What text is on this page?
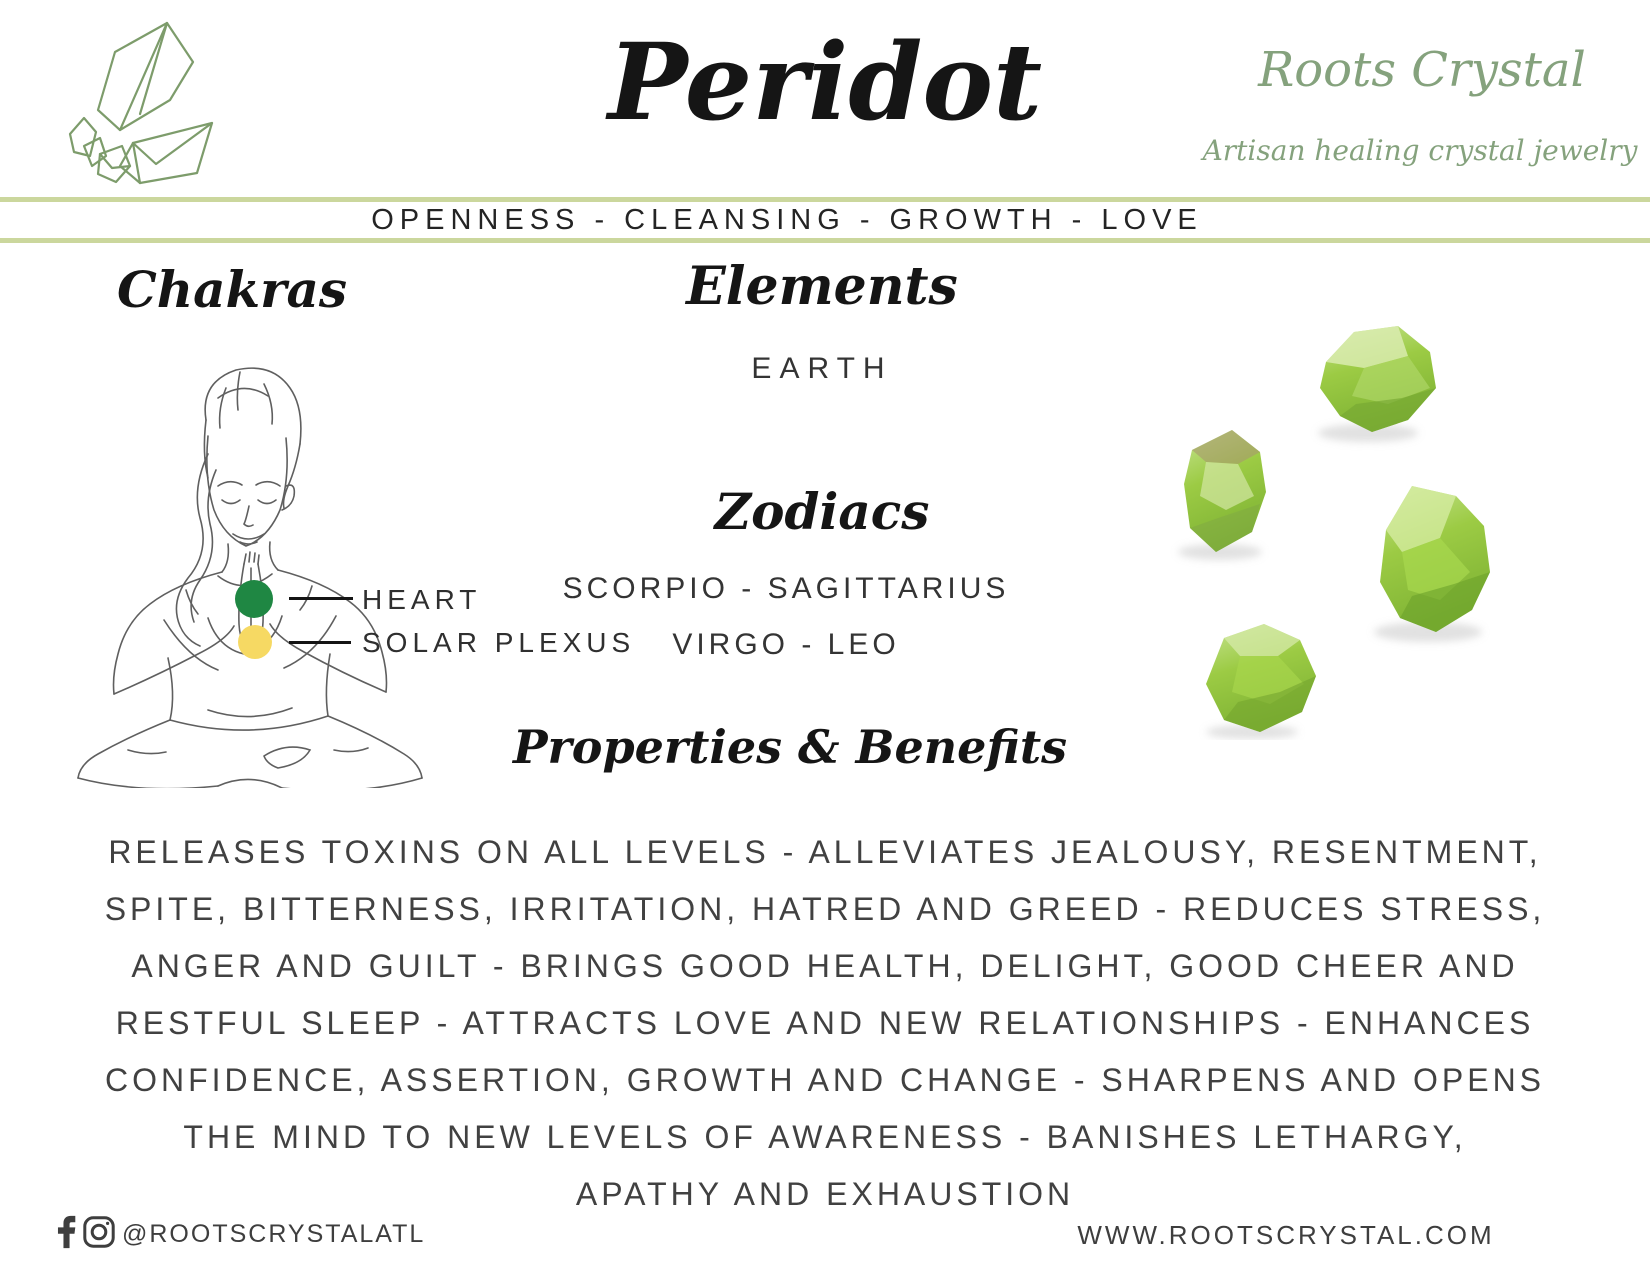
Peridot	Roots Crystal
Artisan healing crystal jewelry
OPENNESS - CLEANSING - GROWTH - LOVE
Chakras
HEART
SOLAR PLEXUS
Elements
EARTH
Zodiacs
SCORPIO - SAGITTARIUS
VIRGO - LEO
Properties & Benefits
RELEASES TOXINS ON ALL LEVELS - ALLEVIATES JEALOUSY, RESENTMENT,
SPITE, BITTERNESS, IRRITATION, HATRED AND GREED - REDUCES STRESS,
ANGER AND GUILT - BRINGS GOOD HEALTH, DELIGHT, GOOD CHEER AND
RESTFUL SLEEP - ATTRACTS LOVE AND NEW RELATIONSHIPS - ENHANCES
CONFIDENCE, ASSERTION, GROWTH AND CHANGE - SHARPENS AND OPENS
THE MIND TO NEW LEVELS OF AWARENESS - BANISHES LETHARGY,
APATHY AND EXHAUSTION
@ROOTSCRYSTALATL	WWW.ROOTSCRYSTAL.COM
